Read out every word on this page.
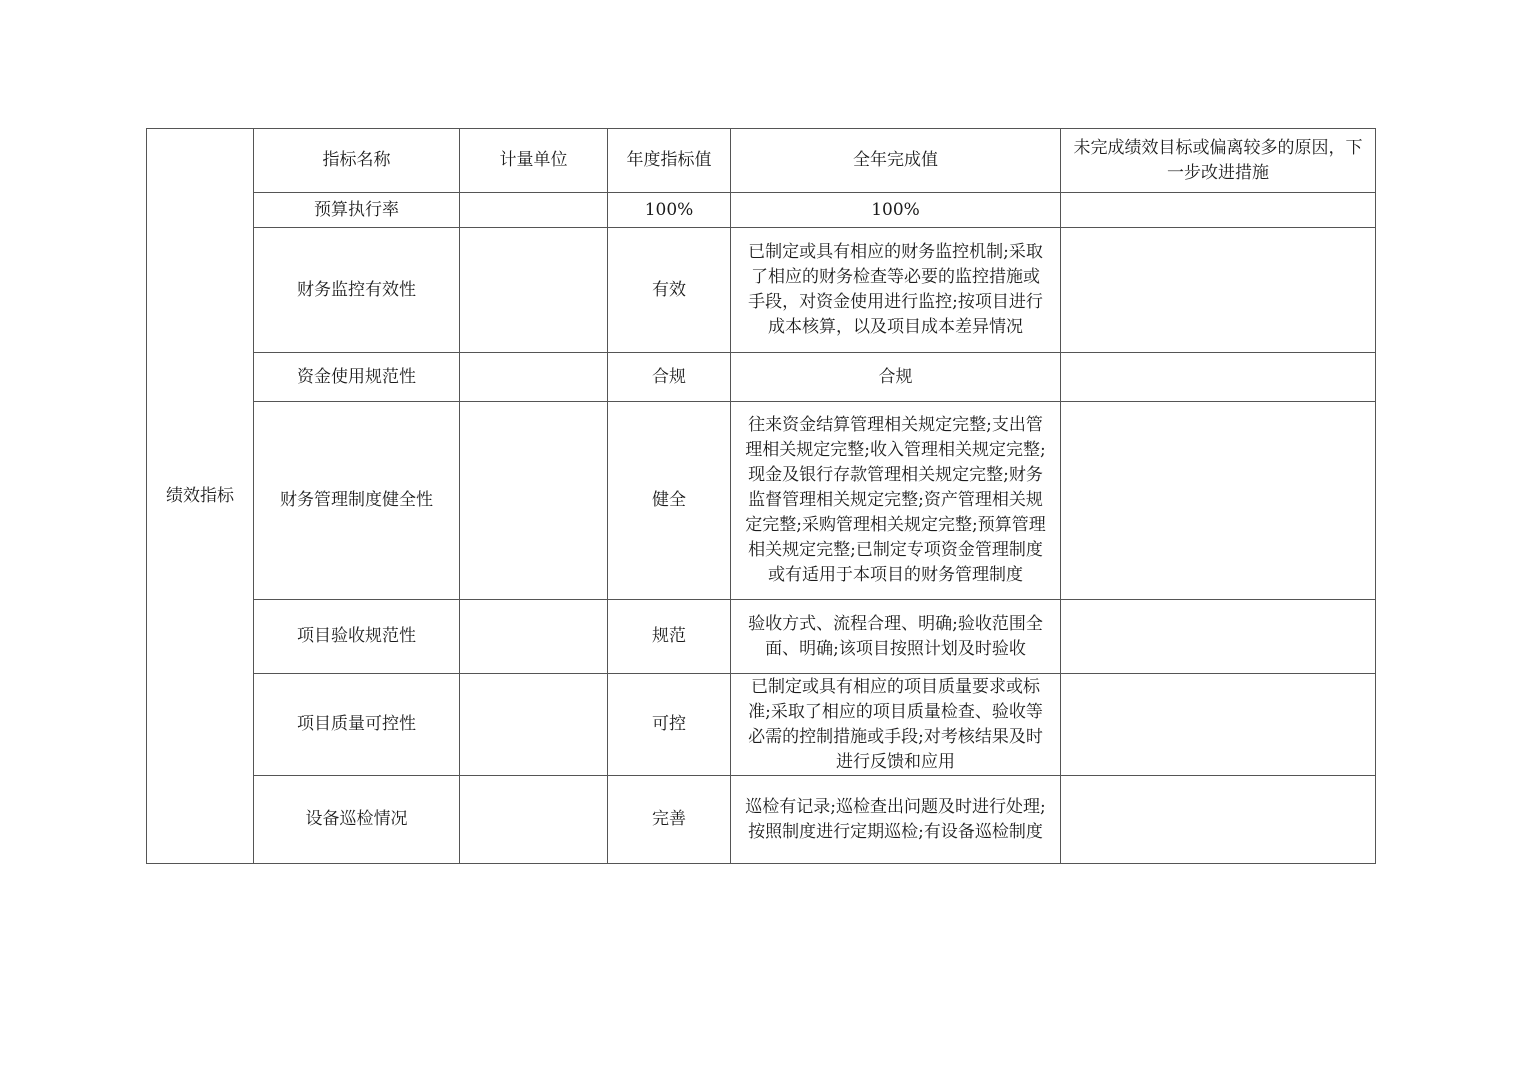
绩效指标	指标名称	计量单位	年度指标值	全年完成值	未完成绩效目标或偏离较多的原因，下一步改进措施
	预算执行率		100%	100%	
	财务监控有效性		有效	已制定或具有相应的财务监控机制;采取了相应的财务检查等必要的监控措施或手段，对资金使用进行监控;按项目进行成本核算，以及项目成本差异情况	
	资金使用规范性		合规	合规	
	财务管理制度健全性		健全	往来资金结算管理相关规定完整;支出管理相关规定完整;收入管理相关规定完整;现金及银行存款管理相关规定完整;财务监督管理相关规定完整;资产管理相关规定完整;采购管理相关规定完整;预算管理相关规定完整;已制定专项资金管理制度或有适用于本项目的财务管理制度	
	项目验收规范性		规范	验收方式、流程合理、明确;验收范围全面、明确;该项目按照计划及时验收	
	项目质量可控性		可控	已制定或具有相应的项目质量要求或标准;采取了相应的项目质量检查、验收等必需的控制措施或手段;对考核结果及时进行反馈和应用	
	设备巡检情况		完善	巡检有记录;巡检查出问题及时进行处理;按照制度进行定期巡检;有设备巡检制度	
